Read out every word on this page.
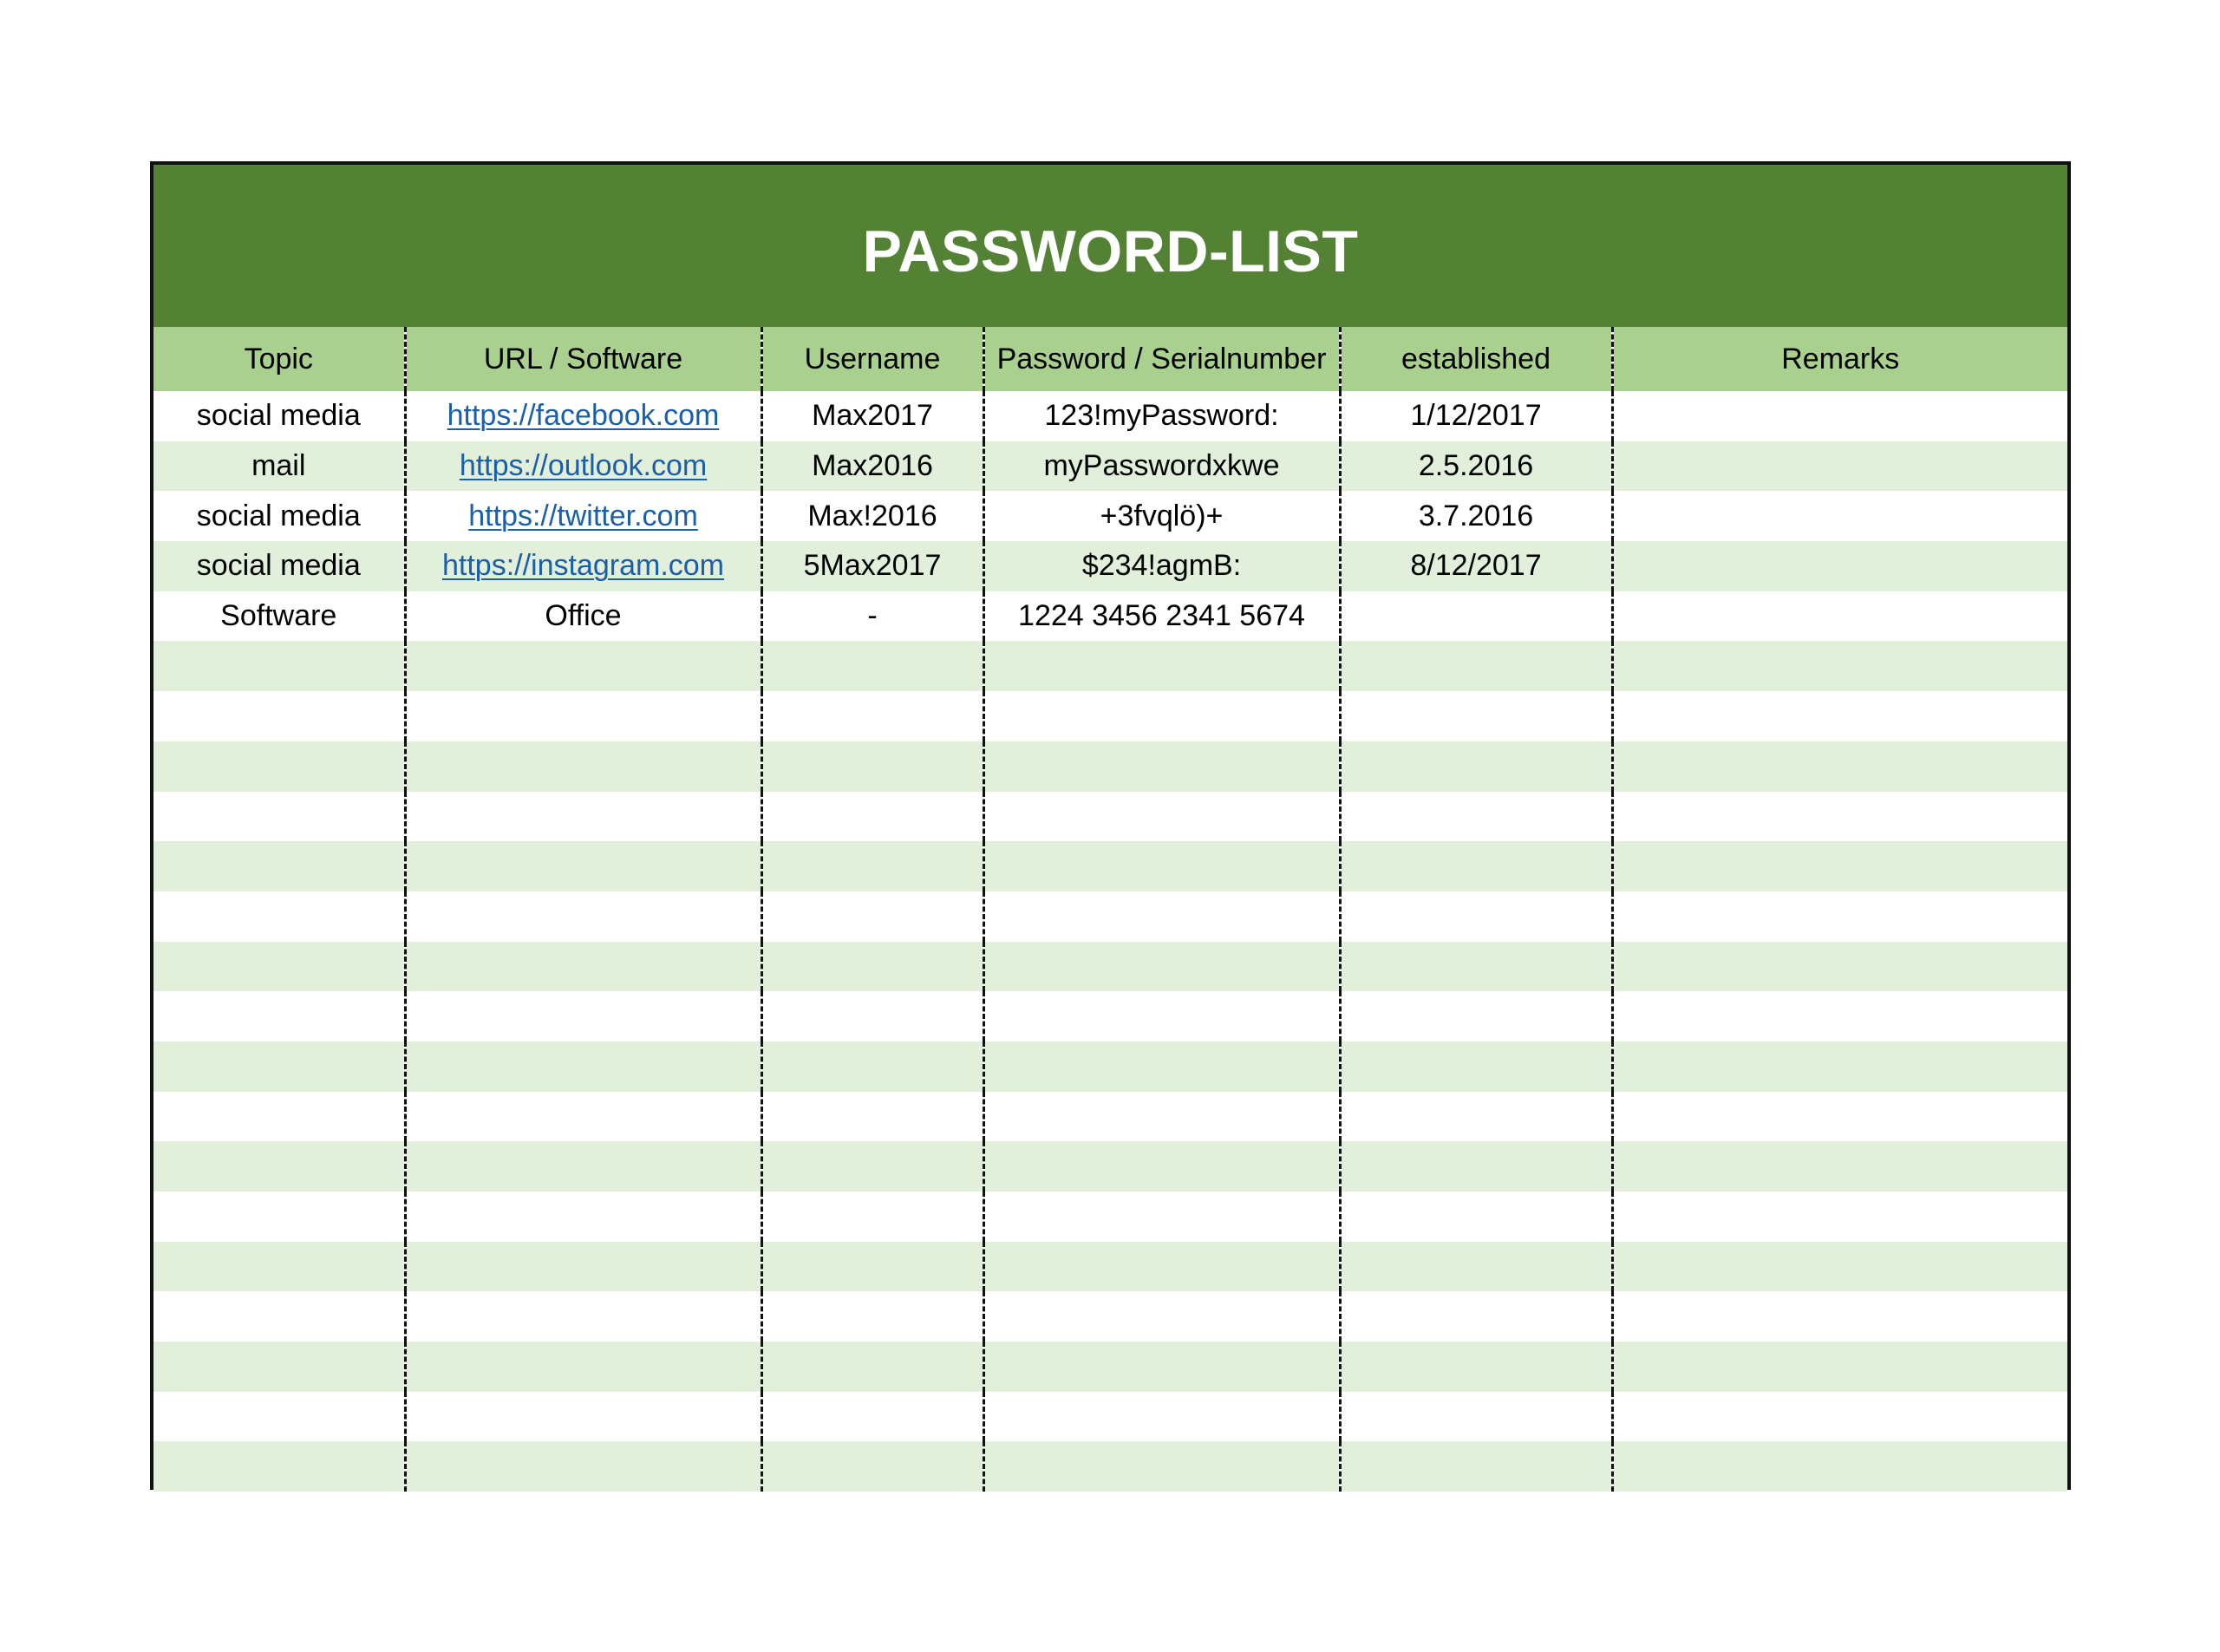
PASSWORD-LIST
Topic	URL / Software	Username	Password / Serialnumber	established	Remarks
social media	https://facebook.com	Max2017	123!myPassword:	1/12/2017	
mail	https://outlook.com	Max2016	myPasswordxkwe	2.5.2016	
social media	https://twitter.com	Max!2016	+3fvqlö)+	3.7.2016	
social media	https://instagram.com	5Max2017	$234!agmB:	8/12/2017	
Software	Office	-	1224 3456 2341 5674		
